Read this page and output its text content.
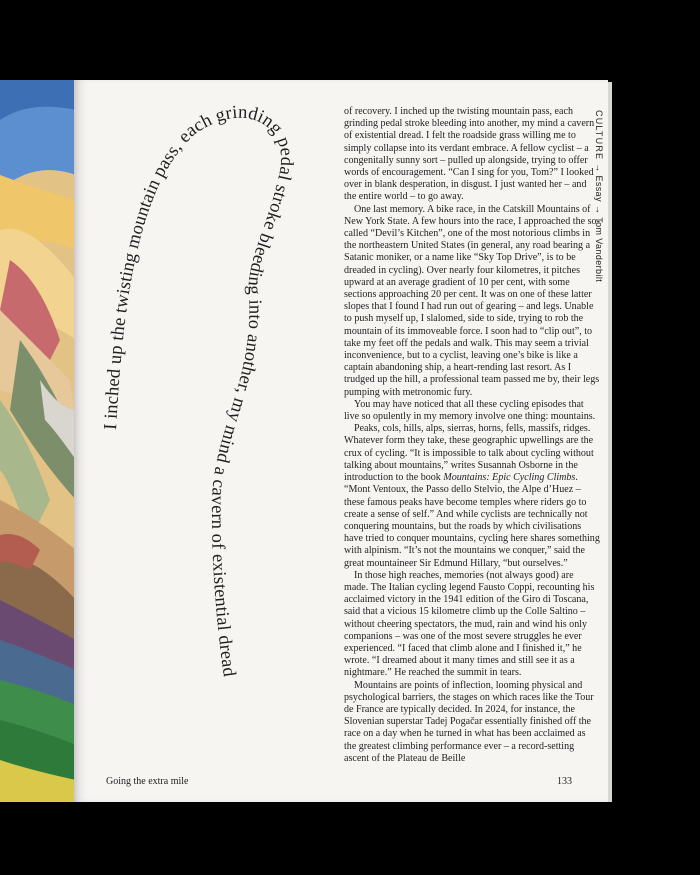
I inched up the twisting mountain pass, each grinding pedal stroke bleeding into another, my mind a cavern of existential dread

of recovery. I inched up the twisting mountain pass, each grinding pedal stroke bleeding into another, my mind a cavern of existential dread. I felt the roadside grass willing me to simply collapse into its verdant embrace. A fellow cyclist – a congenitally sunny sort – pulled up alongside, trying to offer words of encouragement. “Can I sing for you, Tom?” I looked over in blank desperation, in disgust. I just wanted her – and the entire world – to go away.

One last memory. A bike race, in the Catskill Mountains of New York State. A few hours into the race, I approached the so-called “Devil’s Kitchen”, one of the most notorious climbs in the northeastern United States (in general, any road bearing a Satanic moniker, or a name like “Sky Top Drive”, is to be dreaded in cycling). Over nearly four kilometres, it pitches upward at an average gradient of 10 per cent, with some sections approaching 20 per cent. It was on one of these latter slopes that I found I had run out of gearing – and legs. Unable to push myself up, I slalomed, side to side, trying to rob the mountain of its immoveable force. I soon had to “clip out”, to take my feet off the pedals and walk. This may seem a trivial inconvenience, but to a cyclist, leaving one’s bike is like a captain abandoning ship, a heart-rending last resort. As I trudged up the hill, a professional team passed me by, their legs pumping with metronomic fury.

You may have noticed that all these cycling episodes that live so opulently in my memory involve one thing: mountains.

Peaks, cols, hills, alps, sierras, horns, fells, massifs, ridges. Whatever form they take, these geographic upwellings are the crux of cycling. “It is impossible to talk about cycling without talking about mountains,” writes Susannah Osborne in the introduction to the book Mountains: Epic Cycling Climbs. “Mont Ventoux, the Passo dello Stelvio, the Alpe d’Huez – these famous peaks have become temples where riders go to create a sense of self.” And while cyclists are technically not conquering mountains, but the roads by which civilisations have tried to conquer mountains, cycling here shares something with alpinism. “It’s not the mountains we conquer,” said the great mountaineer Sir Edmund Hillary, “but ourselves.”

In those high reaches, memories (not always good) are made. The Italian cycling legend Fausto Coppi, recounting his acclaimed victory in the 1941 edition of the Giro di Toscana, said that a vicious 15 kilometre climb up the Colle Saltino – without cheering spectators, the mud, rain and wind his only companions – was one of the most severe struggles he ever experienced. “I faced that climb alone and I finished it,” he wrote. “I dreamed about it many times and still see it as a nightmare.” He reached the summit in tears.

Mountains are points of inflection, looming physical and psychological barriers, the stages on which races like the Tour de France are typically decided. In 2024, for instance, the Slovenian superstar Tadej Pogačar essentially finished off the race on a day when he turned in what has been acclaimed as the greatest climbing performance ever – a record-setting ascent of the Plateau de Beille

CULTURE → Essay → Tom Vanderbilt
Going the extra mile	133
